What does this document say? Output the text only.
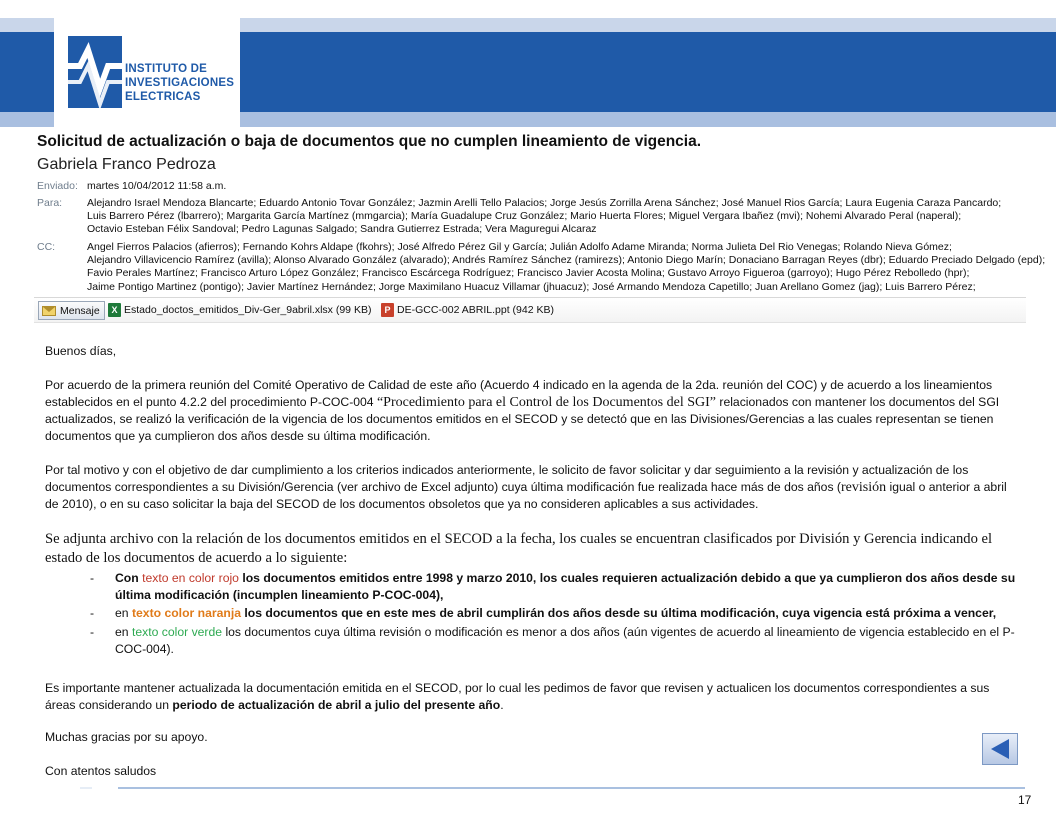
INSTITUTO DE
INVESTIGACIONES
ELECTRICAS
Solicitud de actualización o baja de documentos que no cumplen lineamiento de vigencia.
Gabriela Franco Pedroza
Enviado: martes 10/04/2012 11:58 a.m.
Para:	Alejandro Israel Mendoza Blancarte; Eduardo Antonio Tovar González; Jazmin Arelli Tello Palacios; Jorge Jesús Zorrilla Arena Sánchez; José Manuel Rios García; Laura Eugenia Caraza Pancardo;
Luis Barrero Pérez (lbarrero); Margarita García Martínez (mmgarcia); María Guadalupe Cruz González; Mario Huerta Flores; Miguel Vergara Ibañez (mvi); Nohemi Alvarado Peral (naperal);
Octavio Esteban Félix Sandoval; Pedro Lagunas Salgado; Sandra Gutierrez Estrada; Vera Maguregui Alcaraz
CC:	Angel Fierros Palacios (afierros); Fernando Kohrs Aldape (fkohrs); José Alfredo Pérez Gil y García; Julián Adolfo Adame Miranda; Norma Julieta Del Rio Venegas; Rolando Nieva Gómez;
Alejandro Villavicencio Ramírez (avilla); Alonso Alvarado González (alvarado); Andrés Ramírez Sánchez (ramirezs); Antonio Diego Marín; Donaciano Barragan Reyes (dbr); Eduardo Preciado Delgado (epd);
Favio Perales Martínez; Francisco Arturo López González; Francisco Escárcega Rodríguez; Francisco Javier Acosta Molina; Gustavo Arroyo Figueroa (garroyo); Hugo Pérez Rebolledo (hpr);
Jaime Pontigo Martinez (pontigo); Javier Martínez Hernández; Jorge Maximilano Huacuz Villamar (jhuacuz); José Armando Mendoza Capetillo; Juan Arellano Gomez (jag); Luis Barrero Pérez;
Mensaje	X Estado_doctos_emitidos_Div-Ger_9abril.xlsx (99 KB)	P DE-GCC-002 ABRIL.ppt (942 KB)
Buenos días,
Por acuerdo de la primera reunión del Comité Operativo de Calidad de este año (Acuerdo 4 indicado en la agenda de la 2da. reunión del COC) y de acuerdo a los lineamientos establecidos en el punto 4.2.2 del procedimiento P-COC-004 “Procedimiento para el Control de los Documentos del SGI” relacionados con mantener los documentos del SGI actualizados, se realizó la verificación de la vigencia de los documentos emitidos en el SECOD y se detectó que en las Divisiones/Gerencias a las cuales representan se tienen documentos que ya cumplieron dos años desde su última modificación.
Por tal motivo y con el objetivo de dar cumplimiento a los criterios indicados anteriormente, le solicito de favor solicitar y dar seguimiento a la revisión y actualización de los documentos correspondientes a su División/Gerencia (ver archivo de Excel adjunto) cuya última modificación fue realizada hace más de dos años (revisión igual o anterior a abril de 2010), o en su caso solicitar la baja del SECOD de los documentos obsoletos que ya no consideren aplicables a sus actividades.
Se adjunta archivo con la relación de los documentos emitidos en el SECOD a la fecha, los cuales se encuentran clasificados por División y Gerencia indicando el estado de los documentos de acuerdo a lo siguiente:
- Con texto en color rojo los documentos emitidos entre 1998 y marzo 2010, los cuales requieren actualización debido a que ya cumplieron dos años desde su última modificación (incumplen lineamiento P-COC-004),
- en texto color naranja los documentos que en este mes de abril cumplirán dos años desde su última modificación, cuya vigencia está próxima a vencer,
- en texto color verde los documentos cuya última revisión o modificación es menor a dos años (aún vigentes de acuerdo al lineamiento de vigencia establecido en el P-COC-004).
Es importante mantener actualizada la documentación emitida en el SECOD, por lo cual les pedimos de favor que revisen y actualicen los documentos correspondientes a sus áreas considerando un periodo de actualización de abril a julio del presente año.
Muchas gracias por su apoyo.
Con atentos saludos
17
